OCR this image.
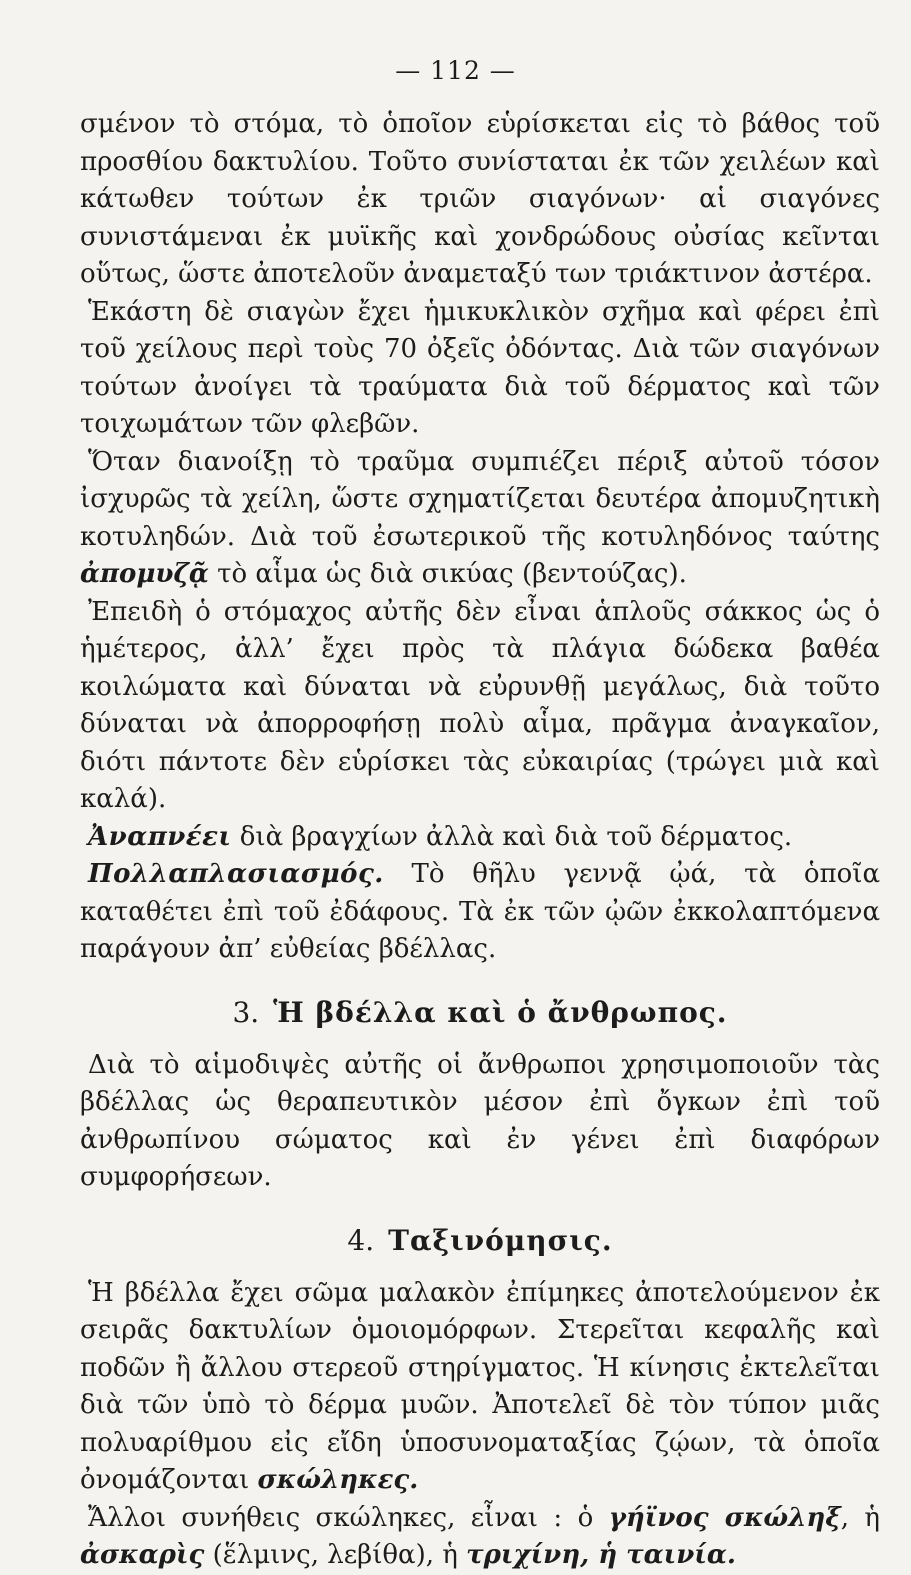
— 112 —

σμένον τὸ στόμα, τὸ ὁποῖον εὑρίσκεται εἰς τὸ βάθος τοῦ προσθίου δακτυλίου. Τοῦτο συνίσταται ἐκ τῶν χειλέων καὶ κάτωθεν τούτων ἐκ τριῶν σιαγόνων· αἱ σιαγόνες συνιστάμεναι ἐκ μυϊκῆς καὶ χονδρώδους οὐσίας κεῖνται οὕτως, ὥστε ἀποτελοῦν ἀναμεταξύ των τριάκτινον ἀστέρα.

Ἑκάστη δὲ σιαγὼν ἔχει ἡμικυκλικὸν σχῆμα καὶ φέρει ἐπὶ τοῦ χείλους περὶ τοὺς 70 ὀξεῖς ὀδόντας. Διὰ τῶν σιαγόνων τούτων ἀνοίγει τὰ τραύματα διὰ τοῦ δέρματος καὶ τῶν τοιχωμάτων τῶν φλεβῶν.

Ὅταν διανοίξῃ τὸ τραῦμα συμπιέζει πέριξ αὐτοῦ τόσον ἰσχυρῶς τὰ χείλη, ὥστε σχηματίζεται δευτέρα ἀπομυζητικὴ κοτυληδών. Διὰ τοῦ ἐσωτερικοῦ τῆς κοτυληδόνος ταύτης ἀπομυζᾷ τὸ αἷμα ὡς διὰ σικύας (βεντούζας).

Ἐπειδὴ ὁ στόμαχος αὐτῆς δὲν εἶναι ἁπλοῦς σάκκος ὡς ὁ ἡμέτερος, ἀλλ’ ἔχει πρὸς τὰ πλάγια δώδεκα βαθέα κοιλώματα καὶ δύναται νὰ εὐρυνθῇ μεγάλως, διὰ τοῦτο δύναται νὰ ἀπορροφήσῃ πολὺ αἷμα, πρᾶγμα ἀναγκαῖον, διότι πάντοτε δὲν εὑρίσκει τὰς εὐκαιρίας (τρώγει μιὰ καὶ καλά).

Ἀναπνέει διὰ βραγχίων ἀλλὰ καὶ διὰ τοῦ δέρματος.

Πολλαπλασιασμός. Τὸ θῆλυ γεννᾷ ᾠά, τὰ ὁποῖα καταθέτει ἐπὶ τοῦ ἐδάφους. Τὰ ἐκ τῶν ᾠῶν ἐκκολαπτόμενα παράγουν ἀπ’ εὐθείας βδέλλας.

3. Ἡ βδέλλα καὶ ὁ ἄνθρωπος.

Διὰ τὸ αἱμοδιψὲς αὐτῆς οἱ ἄνθρωποι χρησιμοποιοῦν τὰς βδέλλας ὡς θεραπευτικὸν μέσον ἐπὶ ὄγκων ἐπὶ τοῦ ἀνθρωπίνου σώματος καὶ ἐν γένει ἐπὶ διαφόρων συμφορήσεων.

4. Ταξινόμησις.

Ἡ βδέλλα ἔχει σῶμα μαλακὸν ἐπίμηκες ἀποτελούμενον ἐκ σειρᾶς δακτυλίων ὁμοιομόρφων. Στερεῖται κεφαλῆς καὶ ποδῶν ἢ ἄλλου στερεοῦ στηρίγματος. Ἡ κίνησις ἐκτελεῖται διὰ τῶν ὑπὸ τὸ δέρμα μυῶν. Ἀποτελεῖ δὲ τὸν τύπον μιᾶς πολυαρίθμου εἰς εἴδη ὑποσυνοματαξίας ζῴων, τὰ ὁποῖα ὀνομάζονται σκώληκες.

Ἄλλοι συνήθεις σκώληκες, εἶναι : ὁ γήϊνος σκώληξ, ἡ ἀσκαρὶς (ἕλμινς, λεβίθα), ἡ τριχίνη, ἡ ταινία.
